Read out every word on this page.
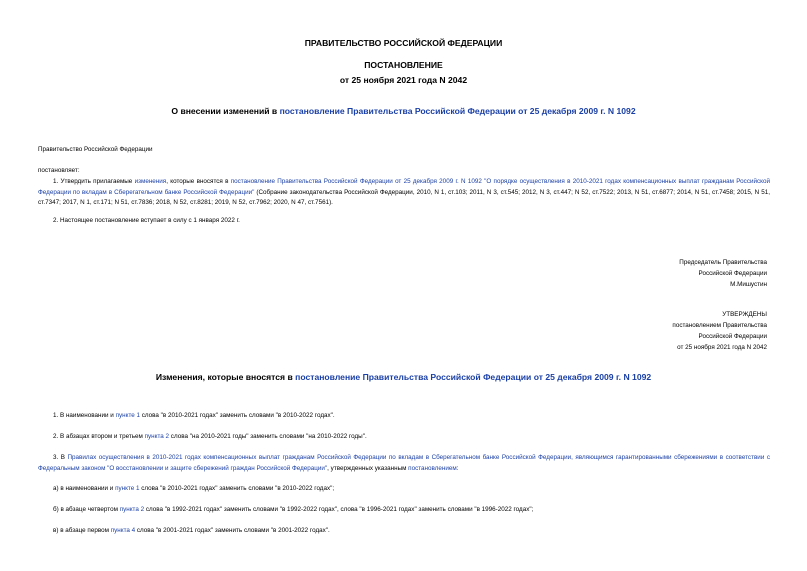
ПРАВИТЕЛЬСТВО РОССИЙСКОЙ ФЕДЕРАЦИИ
ПОСТАНОВЛЕНИЕ
от 25 ноября 2021 года N 2042
О внесении изменений в постановление Правительства Российской Федерации от 25 декабря 2009 г. N 1092
Правительство Российской Федерации
постановляет:
1. Утвердить прилагаемые изменения, которые вносятся в постановление Правительства Российской Федерации от 25 декабря 2009 г. N 1092 "О порядке осуществления в 2010-2021 годах компенсационных выплат гражданам Российской Федерации по вкладам в Сберегательном банке Российской Федерации" (Собрание законодательства Российской Федерации, 2010, N 1, ст.103; 2011, N 3, ст.545; 2012, N 3, ст.447; N 52, ст.7522; 2013, N 51, ст.6877; 2014, N 51, ст.7458; 2015, N 51, ст.7347; 2017, N 1, ст.171; N 51, ст.7836; 2018, N 52, ст.8281; 2019, N 52, ст.7962; 2020, N 47, ст.7561).
2. Настоящее постановление вступает в силу с 1 января 2022 г.
Председатель Правительства
Российской Федерации
М.Мишустин
УТВЕРЖДЕНЫ
постановлением Правительства
Российской Федерации
от 25 ноября 2021 года N 2042
Изменения, которые вносятся в постановление Правительства Российской Федерации от 25 декабря 2009 г. N 1092
1. В наименовании и пункте 1 слова "в 2010-2021 годах" заменить словами "в 2010-2022 годах".
2. В абзацах втором и третьем пункта 2 слова "на 2010-2021 годы" заменить словами "на 2010-2022 годы".
3. В Правилах осуществления в 2010-2021 годах компенсационных выплат гражданам Российской Федерации по вкладам в Сберегательном банке Российской Федерации, являющимся гарантированными сбережениями в соответствии с Федеральным законом "О восстановлении и защите сбережений граждан Российской Федерации", утвержденных указанным постановлением:
а) в наименовании и пункте 1 слова "в 2010-2021 годах" заменить словами "в 2010-2022 годах";
б) в абзаце четвертом пункта 2 слова "в 1992-2021 годах" заменить словами "в 1992-2022 годах", слова "в 1996-2021 годах" заменить словами "в 1996-2022 годах";
в) в абзаце первом пункта 4 слова "в 2001-2021 годах" заменить словами "в 2001-2022 годах".
